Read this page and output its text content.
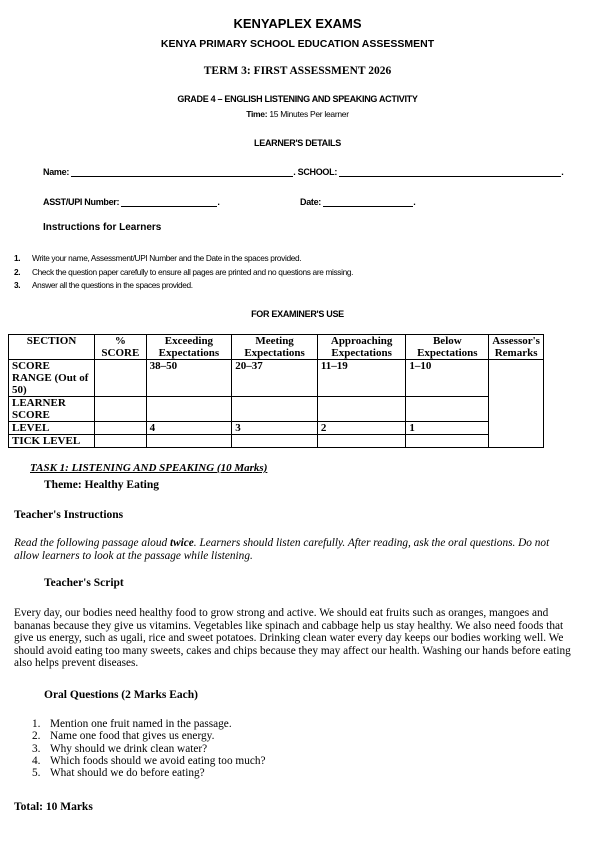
KENYAPLEX EXAMS
KENYA PRIMARY SCHOOL EDUCATION ASSESSMENT
TERM 3: FIRST ASSESSMENT 2026
GRADE 4 – ENGLISH LISTENING AND SPEAKING ACTIVITY
Time: 15 Minutes Per learner
LEARNER'S DETAILS
Name:	. SCHOOL:	.
ASST/UPI Number:	.	Date:	.
Instructions for Learners
1. Write your name, Assessment/UPI Number and the Date in the spaces provided.
2. Check the question paper carefully to ensure all pages are printed and no questions are missing.
3. Answer all the questions in the spaces provided.
FOR EXAMINER'S USE
SECTION	% SCORE	Exceeding Expectations	Meeting Expectations	Approaching Expectations	Below Expectations	Assessor's Remarks
SCORE RANGE (Out of 50)		38–50	20–37	11–19	1–10	
LEARNER SCORE						
LEVEL		4	3	2	1	
TICK LEVEL						
TASK 1: LISTENING AND SPEAKING (10 Marks)
Theme: Healthy Eating
Teacher's Instructions
Read the following passage aloud twice. Learners should listen carefully. After reading, ask the oral questions. Do not allow learners to look at the passage while listening.
Teacher's Script
Every day, our bodies need healthy food to grow strong and active. We should eat fruits such as oranges, mangoes and bananas because they give us vitamins. Vegetables like spinach and cabbage help us stay healthy. We also need foods that give us energy, such as ugali, rice and sweet potatoes. Drinking clean water every day keeps our bodies working well. We should avoid eating too many sweets, cakes and chips because they may affect our health. Washing our hands before eating also helps prevent diseases.
Oral Questions (2 Marks Each)
1. Mention one fruit named in the passage.
2. Name one food that gives us energy.
3. Why should we drink clean water?
4. Which foods should we avoid eating too much?
5. What should we do before eating?
Total: 10 Marks
